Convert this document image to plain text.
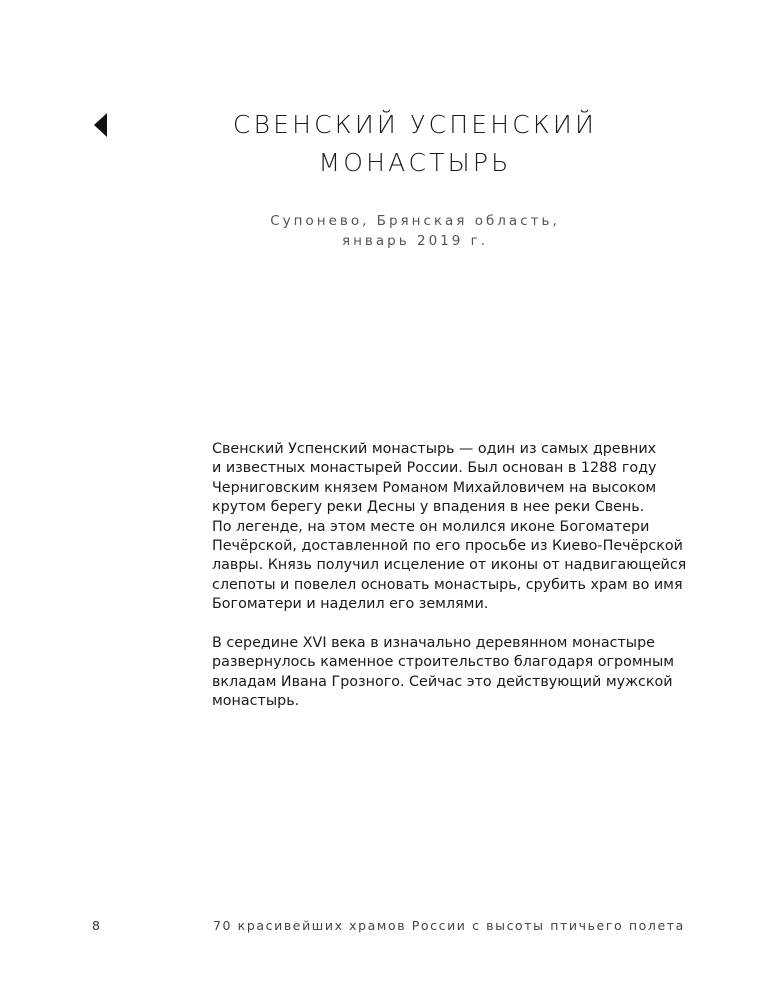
СВЕНСКИЙ УСПЕНСКИЙ
МОНАСТЫРЬ
Супонево, Брянская область,
январь 2019 г.

Свенский Успенский монастырь — один из самых древних
и известных монастырей России. Был основан в 1288 году
Черниговским князем Романом Михайловичем на высоком
крутом берегу реки Десны у впадения в нее реки Свень.
По легенде, на этом месте он молился иконе Богоматери
Печёрской, доставленной по его просьбе из Киево-Печёрской
лавры. Князь получил исцеление от иконы от надвигающейся
слепоты и повелел основать монастырь, срубить храм во имя
Богоматери и наделил его землями.

В середине XVI века в изначально деревянном монастыре
развернулось каменное строительство благодаря огромным
вкладам Ивана Грозного. Сейчас это действующий мужской
монастырь.

8	70 красивейших храмов России с высоты птичьего полета
